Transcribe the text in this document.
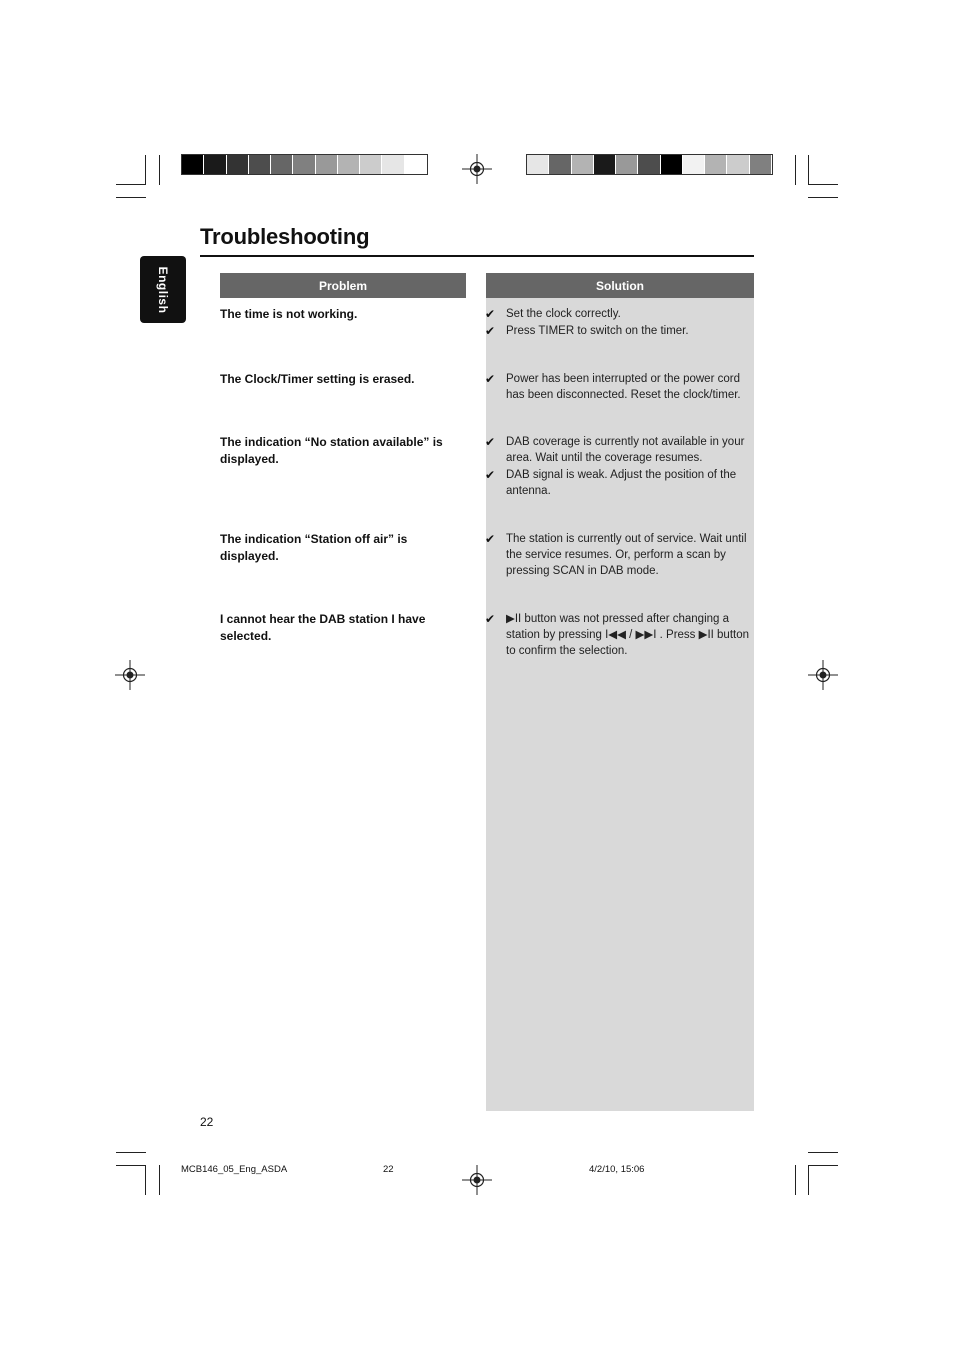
Troubleshooting
English	Problem	Solution
The time is not working.	✔ Set the clock correctly.
✔ Press TIMER to switch on the timer.
The Clock/Timer setting is erased.	✔ Power has been interrupted or the power cord has been disconnected. Reset the clock/timer.
The indication “No station available” is displayed.
✔ DAB coverage is currently not available in your area. Wait until the coverage resumes.
✔ DAB signal is weak. Adjust the position of the antenna.
The indication “Station off air” is displayed.
✔ The station is currently out of service. Wait until the service resumes. Or, perform a scan by pressing SCAN in DAB mode.
I cannot hear the DAB station I have selected.
✔ ▶II button was not pressed after changing a station by pressing I◀◀ / ▶▶I . Press ▶II button to confirm the selection.
22
MCB146_05_Eng_ASDA	22	4/2/10, 15:06
